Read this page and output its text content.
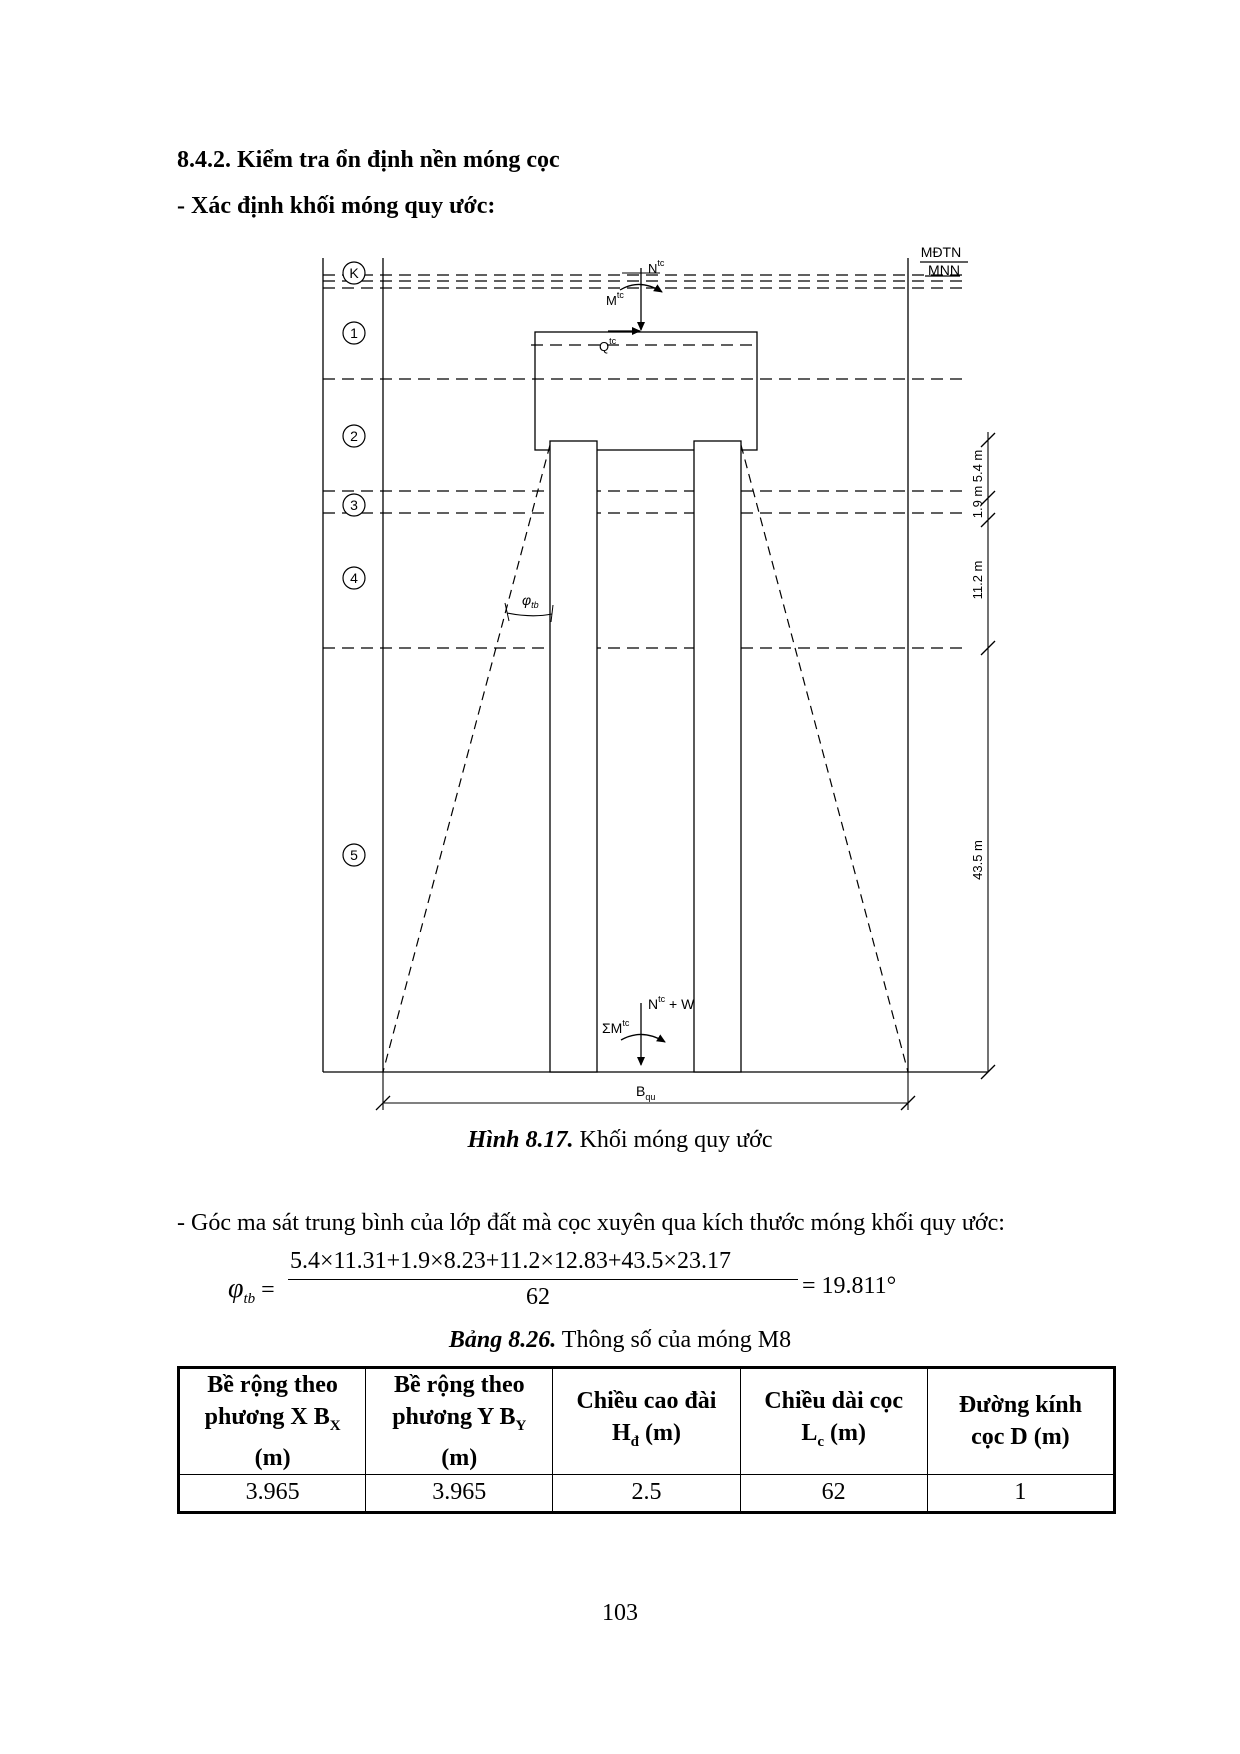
8.4.2. Kiểm tra ổn định nền móng cọc
- Xác định khối móng quy ước:
MĐTN
MNN
K
1
2
3
4
5
$\varphi_{tb}$
$N^{tc}$
$M^{tc}$
$Q^{tc}$
$N^{tc} + W$
$\Sigma M^{tc}$
5.4 m
1.9 m
11.2 m
43.5 m
$B_{qu}$
Hình 8.17. Khối móng quy ước
- Góc ma sát trung bình của lớp đất mà cọc xuyên qua kích thước móng khối quy ước:
$\varphi_{tb}$ =
5.4×11.31+1.9×8.23+11.2×12.83+43.5×23.17
62	= 19.811°
Bảng 8.26. Thông số của móng M8
Bề rộng theo
phương X $B_X$
(m)	Bề rộng theo
phương Y $B_Y$
(m)	Chiều cao đài
$H_đ$ (m)	Chiều dài cọc
$L_c$ (m)	Đường kính
cọc D (m)
3.965	3.965	2.5	62	1
103
